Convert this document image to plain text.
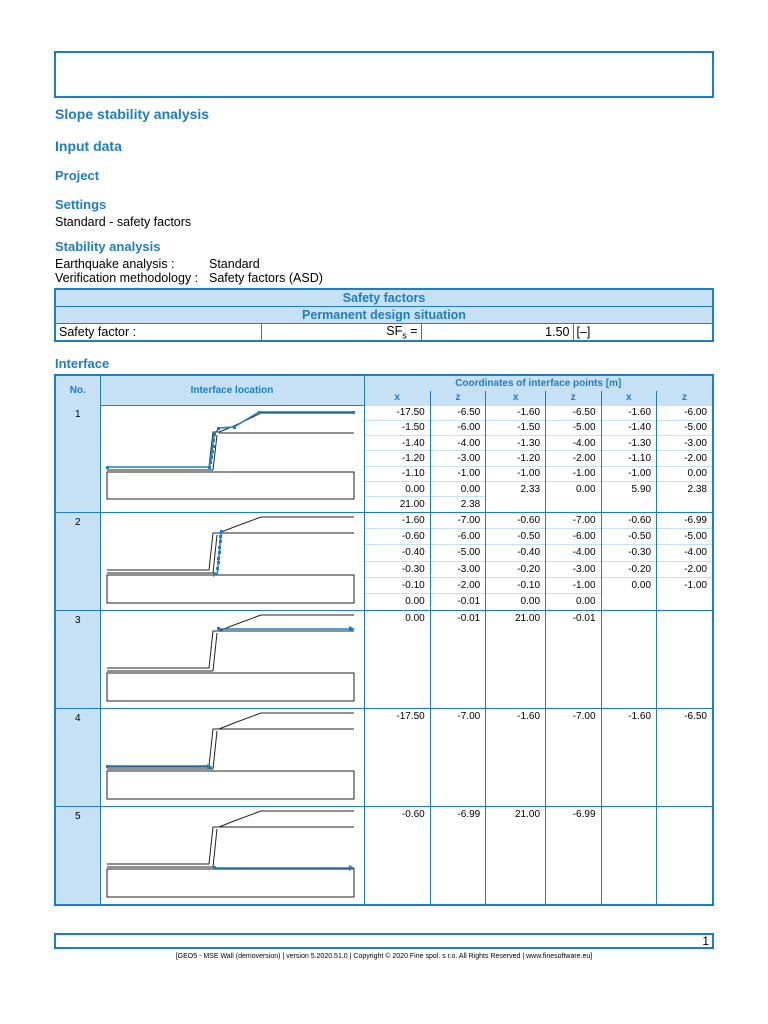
Slope stability analysis
Input data
Project
Settings
Standard - safety factors
Stability analysis
Earthquake analysis :	Standard
Verification methodology : Safety factors (ASD)
Safety factors
Permanent design situation
Safety factor :	$SF_s$ =	1.50	[–]
Interface
No.	Interface location	Coordinates of interface points [m]					
		x	z	x	z	x	z
1		-17.50	-6.50	-1.60	-6.50	-1.60	-6.00
		-1.50	-6.00	-1.50	-5.00	-1.40	-5.00
		-1.40	-4.00	-1.30	-4.00	-1.30	-3.00
		-1.20	-3.00	-1.20	-2.00	-1.10	-2.00
		-1.10	-1.00	-1.00	-1.00	-1.00	0.00
		0.00	0.00	2.33	0.00	5.90	2.38
		21.00	2.38				
2		-1.60	-7.00	-0.60	-7.00	-0.60	-6.99
		-0.60	-6.00	-0.50	-6.00	-0.50	-5.00
		-0.40	-5.00	-0.40	-4.00	-0.30	-4.00
		-0.30	-3.00	-0.20	-3.00	-0.20	-2.00
		-0.10	-2.00	-0.10	-1.00	0.00	-1.00
		0.00	-0.01	0.00	0.00		
3		0.00	-0.01	21.00	-0.01		
4		-17.50	-7.00	-1.60	-7.00	-1.60	-6.50
5		-0.60	-6.99	21.00	-6.99		
1
[GEO5 - MSE Wall (demoversion) | version 5.2020.51.0 | Copyright © 2020 Fine spol. s r.o. All Rights Reserved | www.finesoftware.eu]
